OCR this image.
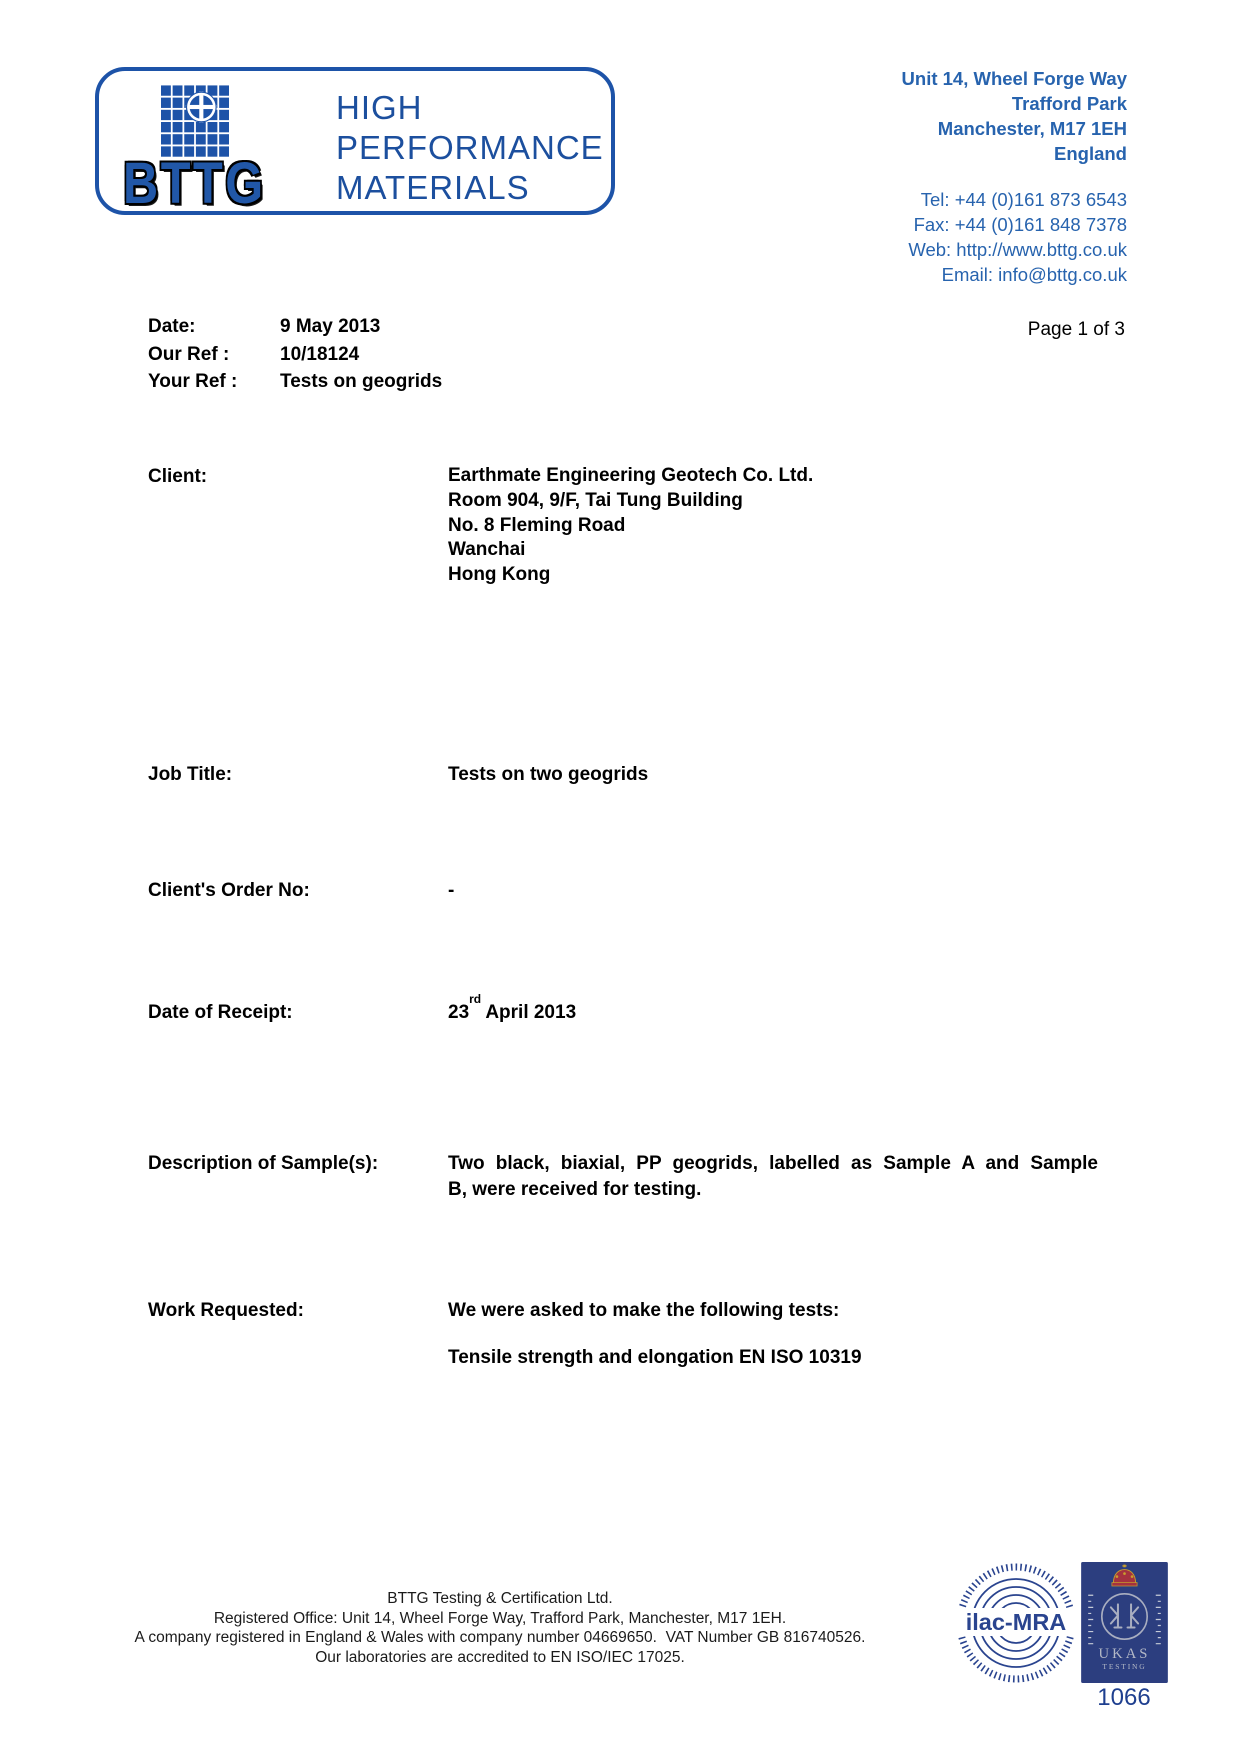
BTTG
HIGH
PERFORMANCE
MATERIALS
Unit 14, Wheel Forge Way
Trafford Park
Manchester, M17 1EH
England
Tel: +44 (0)161 873 6543
Fax: +44 (0)161 848 7378
Web: http://www.bttg.co.uk
Email: info@bttg.co.uk
Date:	9 May 2013
Our Ref :	10/18124
Your Ref : Tests on geogrids
Page 1 of 3
Client:	Earthmate Engineering Geotech Co. Ltd.
Room 904, 9/F, Tai Tung Building
No. 8 Fleming Road
Wanchai
Hong Kong
Job Title:	Tests on two geogrids
Client's Order No:	-
Date of Receipt:	23rdApril 2013
Description of Sample(s):	Two black, biaxial, PP geogrids, labelled as Sample A and Sample
B, were received for testing.
Work Requested:	We were asked to make the following tests:
Tensile strength and elongation EN ISO 10319
BTTG Testing & Certification Ltd.
Registered Office: Unit 14, Wheel Forge Way, Trafford Park, Manchester, M17 1EH.
A company registered in England & Wales with company number 04669650.  VAT Number GB 816740526.
Our laboratories are accredited to EN ISO/IEC 17025.
ilac-MRA
UKAS
TESTING
1066
